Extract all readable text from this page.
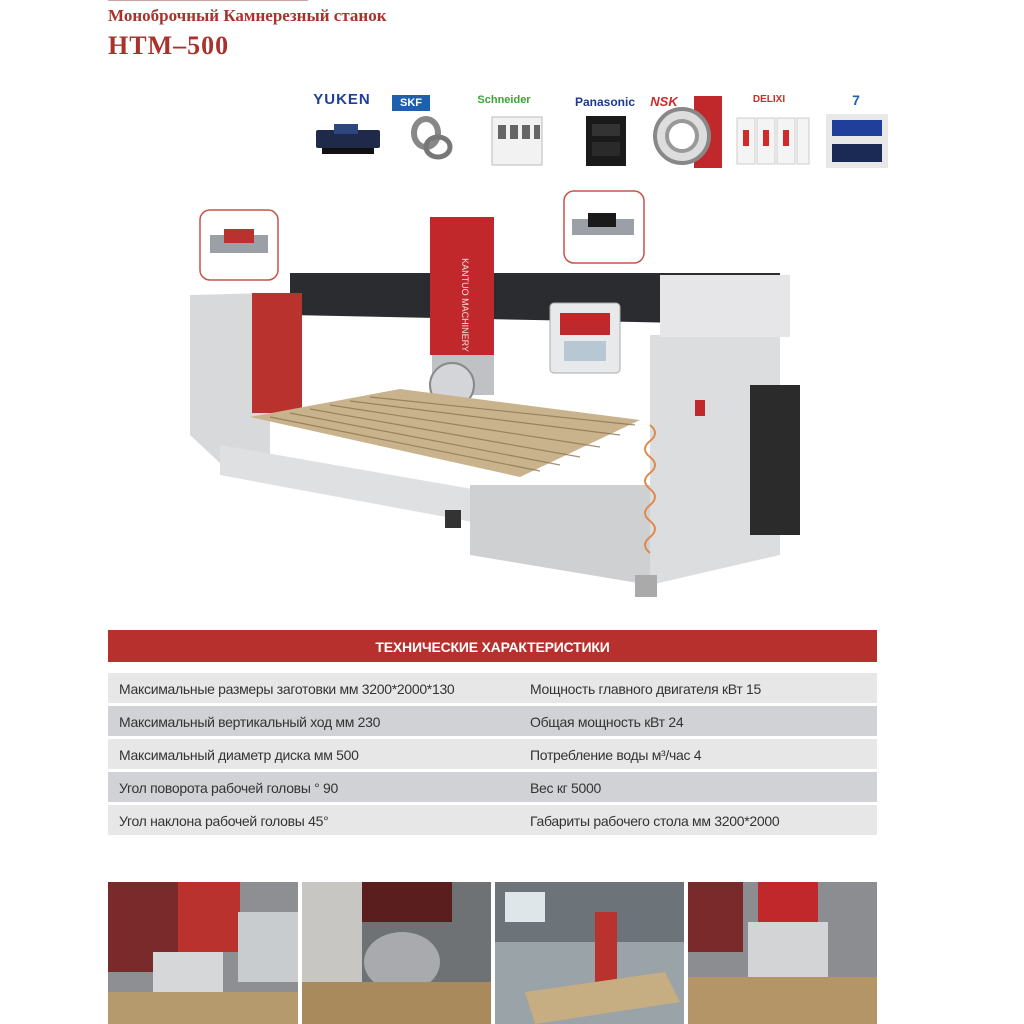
Моноброчный Камнерезный станок
HTM–500
YUKEN	SKF	Schneider	Panasonic	NSK	DELIXI	7
KANTUO MACHINERY
ТЕХНИЧЕСКИЕ ХАРАКТЕРИСТИКИ
Максимальные размеры заготовки мм 3200*2000*130	Мощность главного двигателя кВт 15
Максимальный вертикальный ход мм 230	Общая мощность кВт 24
Максимальный диаметр диска мм 500	Потребление воды м³/час 4
Угол поворота рабочей головы ° 90	Вес кг 5000
Угол наклона рабочей головы 45°	Габариты рабочего стола мм 3200*2000
